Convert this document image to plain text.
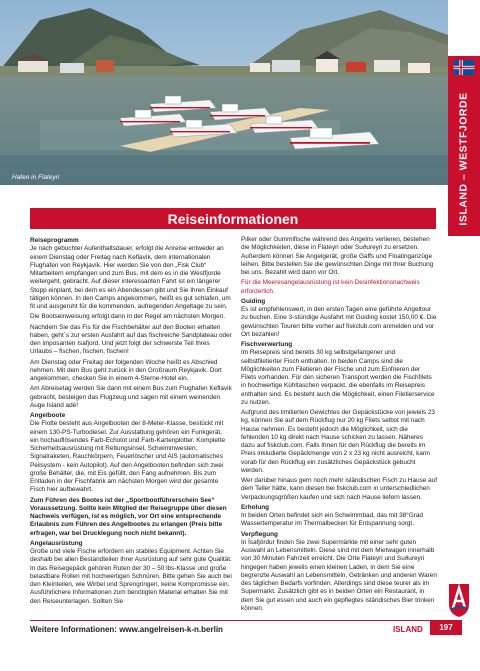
Hafen in Flateyri	ISLAND – WESTFJORDE
Reiseinformationen
Reiseprogramm

Je nach gebuchter Aufenthaltsdauer, erfolgt die Anreise entweder an einem Dienstag oder Freitag nach Keflavík, dem internationalen Flughafen von Reykjavík. Hier werden Sie von den „Fisk Club“ Mitarbeitern empfangen und zum Bus, mit dem es in die Westfjorde weitergeht, gebracht. Auf dieser interessanten Fahrt ist ein längerer Stopp einplant, bei dem es ein Abendessen gibt und Sie Ihren Einkauf tätigen können. In den Camps angekommen, heißt es gut schlafen, um fit und ausgeruht für die kommenden, aufregenden Angeltage zu sein.

Die Bootseinweisung erfolgt dann in der Regel am nächsten Morgen.

Nachdem Sie das Fis für die Fischbehälter auf den Booten erhalten haben, geht´s zur ersten Ausfahrt auf das fischreiche Sandplateau oder den imposanten Isafjord. Und jetzt folgt der schwerste Teil Ihres Urlaubs – fischen, fischen, fischen!

Am Dienstag oder Freitag der folgenden Woche heißt es Abschied nehmen. Mit dem Bus geht zurück in den Großraum Reykjavik. Dort angekommen, checken Sie in einem 4-Sterne-Hotel ein.

Am Abreisetag werden Sie dann mit einem Bus zum Flughafen Keflavik gebracht, besteigen das Flugzeug und sagen mit einem weinenden Auge Island adé!

Angelboote

Die Flotte besteht aus Angelbooten der 8-Meter-Klasse, bestückt mit einem 130-PS-Turbodiesel. Zur Ausstattung gehören ein Funkgerät, ein hochauflösendes Farb-Echolot und Farb-Kartenplotter. Komplette Sicherheitsausrüstung mit Rettungsinsel, Schwimmwesten, Signalraketen, Rauchkörpern, Feuerlöscher und AIS (automatisches Peilsystem - kein Autopilot). Auf den Angelbooten befinden sich zwei große Behälter, die, mit Eis gefüllt, den Fang aufnehmen. Bis zum Entladen in der Fischfabrik am nächsten Morgen wird der gesamte Fisch hier aufbewahrt.

Zum Führen des Bootes ist der „Sportbootführerschein See“ Voraussetzung. Sollte kein Mitglied der Reisegruppe über diesen Nachweis verfügen, ist es möglich, vor Ort eine entsprechende Erlaubnis zum Führen des Angelbootes zu erlangen (Preis bitte erfragen, war bei Drucklegung noch nicht bekannt).

Angelausrüstung

Große und viele Fische erfordern ein stabiles Equipment. Achten Sie deshalb bei allen Bestandteilen Ihrer Ausrüstung auf sehr gute Qualität. In das Reisegepäck gehören Ruten der 30 – 50 lbs-Klasse und große belastbare Rollen mit hochwertigen Schnüren. Bitte gehen Sie auch bei den Kleinteilen, wie Wirbel und Sprengringen, keine Kompromisse ein. Ausführlichere Informationen zum benötigten Material erhalten Sie mit den Reiseunterlagen. Sollten Sie

Pilker oder Gummifische während des Angelns verlieren, bestehen die Möglichkeiten, diese in Flateyri oder Suðureyri zu ersetzen. Außerdem können Sie Angelgerät, große Gaffs und Floatinganzüge leihen. Bitte bestellen Sie die gewünschten Dinge mit Ihrer Buchung bei uns. Bezahlt wird dann vor Ort.

Für die Meeresangelausrüstung ist kein Desinfektionsnachweis erforderlich.

Guiding

Es ist empfehlenswert, in den ersten Tagen eine geführte Angeltour zu buchen. Eine 3-stündige Ausfahrt mit Guiding kostet 150,00 €. Die gewünschten Touren bitte vorher auf fiskclub.com anmelden und vor Ort bezahlen!

Fischverwertung

Im Reisepreis sind bereits 30 kg selbstgefangener und selbstfiletierter Fisch enthalten. In beiden Camps sind die Möglichkeiten zum Filetieren der Fische und zum Einfrieren der Filets vorhanden. Für den sicheren Transport werden die Fischfilets in hochwertige Kühltaschen verpackt, die ebenfalls im Reisepreis enthalten sind. Es besteht auch die Möglichkeit, einen Filetierservice zu nutzen.

Aufgrund des limitierten Gewichtes der Gepäckstücke von jeweils 23 kg, können Sie auf dem Rückflug nur 20 kg Filets selbst mit nach Hause nehmen. Es besteht jedoch die Möglichkeit, sich die fehlenden 10 kg direkt nach Hause schicken zu lassen. Näheres dazu auf fiskclub.com. Falls Ihnen für den Rückflug die bereits im Preis inkludierte Gepäckmenge von 2 x 23 kg nicht ausreicht, kann vorab für den Rückflug ein zusätzliches Gepäckstück gebucht werden.

Wer darüber hinaus gern noch mehr isländischen Fisch zu Hause auf dem Teller hätte, kann diesen bei fiskclub.com in unterschiedlichen Verpackungsgrößen kaufen und sich nach Hause liefern lassen.

Erholung

In beiden Orten befindet sich ein Schwimmbad, das mit 38°Grad Wassertemperatur im Thermalbecken für Entspannung sorgt.

Verpflegung

In Ísafjördur finden Sie zwei Supermärkte mit einer sehr guten Auswahl an Lebensmitteln. Diese sind mit dem Mietwagen innerhalb von 30 Minuten Fahrzeit erreicht. Die Orte Flateyri und Suðureyri hingegen haben jeweils einen kleinen Laden, in dem Sie eine begrenzte Auswahl an Lebensmitteln, Getränken und anderen Waren des täglichen Bedarfs vorfinden. Allerdings sind diese teurer als im Supermarkt. Zusätzlich gibt es in beiden Orten ein Restaurant, in dem Sie gut essen und auch ein gepflegtes isländisches Bier trinken können.

Weitere Informationen: www.angelreisen-k-n.berlin	ISLAND 197
